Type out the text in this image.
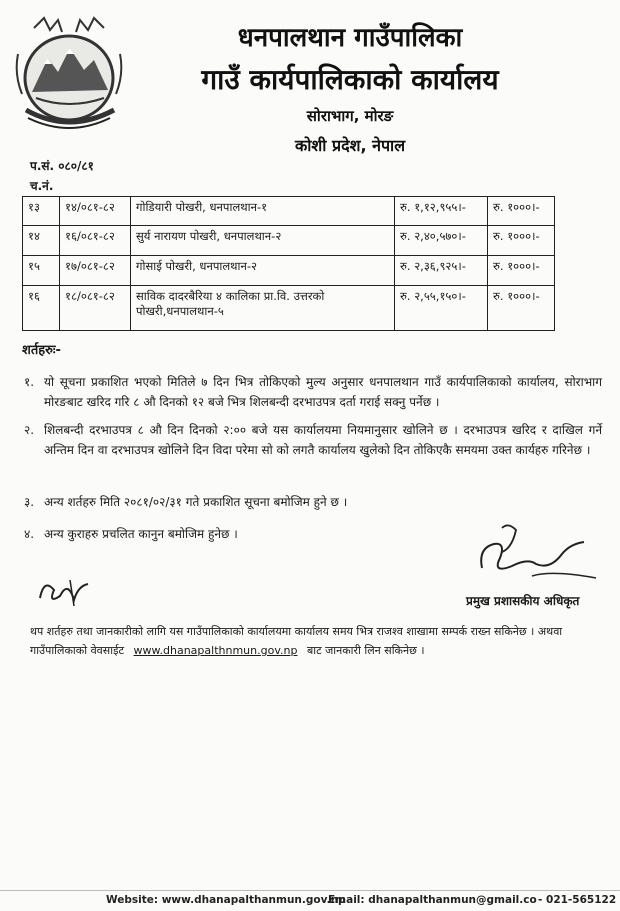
धनपालथान गाउँपालिका
गाउँ कार्यपालिकाको कार्यालय
सोराभाग, मोरङ
कोशी प्रदेश, नेपाल
प.सं. ०८०/८१
च.नं.
१३	१४/०८१-८२	गोडियारी पोखरी, धनपालथान-१	रु. १,१२,९५५।-	रु. १०००।-
१४	१६/०८१-८२	सुर्य नारायण पोखरी, धनपालथान-२	रु. २,४०,५७०।-	रु. १०००।-
१५	१७/०८१-८२	गोसाई पोखरी, धनपालथान-२	रु. २,३६,९२५।-	रु. १०००।-
१६	१८/०८१-८२	साविक दादरबैरिया ४ कालिका प्रा.वि. उत्तरको पोखरी,धनपालथान-५	रु. २,५५,१५०।-	रु. १०००।-
शर्तहरुः-
१. यो सूचना प्रकाशित भएको मितिले ७ दिन भित्र तोकिएको मुल्य अनुसार धनपालथान गाउँ कार्यपालिकाको कार्यालय, सोराभाग मोरङबाट खरिद गरि ८ औ दिनको १२ बजे भित्र शिलबन्दी दरभाउपत्र दर्ता गराई सक्नु पर्नेछ ।
२. शिलबन्दी दरभाउपत्र ८ औ दिन दिनको २:०० बजे यस कार्यालयमा नियमानुसार खोलिने छ । दरभाउपत्र खरिद र दाखिल गर्ने अन्तिम दिन वा दरभाउपत्र खोलिने दिन विदा परेमा सो को लगतै कार्यालय खुलेको दिन तोकिएकै समयमा उक्त कार्यहरु गरिनेछ ।
३. अन्य शर्तहरु मिति २०८१/०२/३१ गते प्रकाशित सूचना बमोजिम हुने छ ।
४. अन्य कुराहरु प्रचलित कानुन बमोजिम हुनेछ ।
प्रमुख प्रशासकीय अधिकृत
थप शर्तहरु तथा जानकारीको लागि यस गाउँपालिकाको कार्यालयमा कार्यालय समय भित्र राजश्व शाखामा सम्पर्क राख्न सकिनेछ । अथवा
गाउँपालिकाको वेवसाईट www.dhanapalthnmun.gov.np बाट जानकारी लिन सकिनेछ ।
Website: www.dhanapalthanmun.gov.np
Email: dhanapalthanmun@gmail.co - 021-565122
